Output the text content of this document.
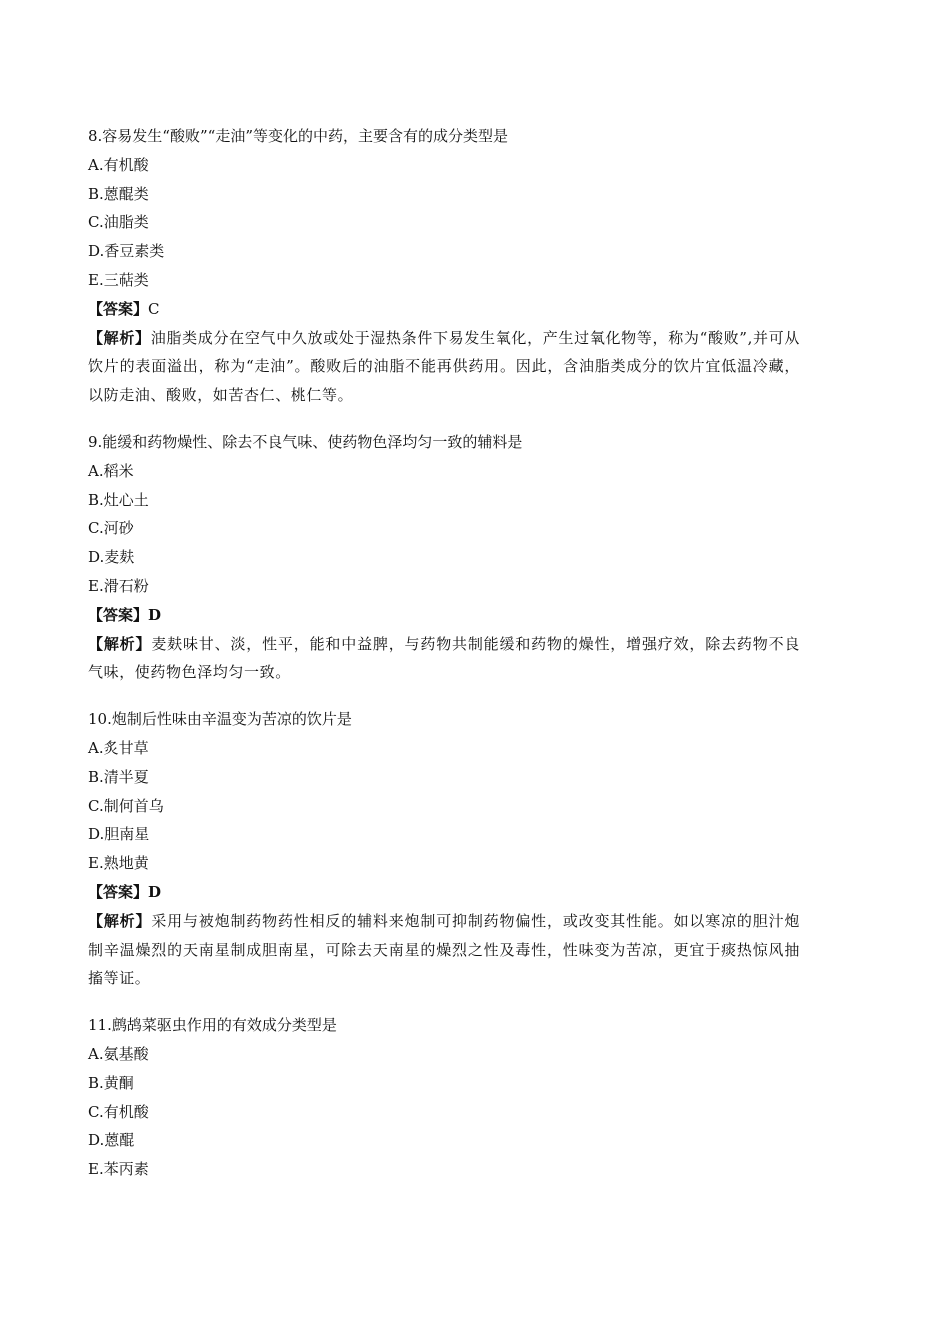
8.容易发生“酸败”“走油”等变化的中药，主要含有的成分类型是
A.有机酸
B.蒽醌类
C.油脂类
D.香豆素类
E.三萜类
【答案】C
【解析】油脂类成分在空气中久放或处于湿热条件下易发生氧化，产生过氧化物等，称为“酸败”,并可从饮片的表面溢出，称为“走油”。酸败后的油脂不能再供药用。因此，含油脂类成分的饮片宜低温冷藏，以防走油、酸败，如苦杏仁、桃仁等。
9.能缓和药物燥性、除去不良气味、使药物色泽均匀一致的辅料是
A.稻米
B.灶心土
C.河砂
D.麦麸
E.滑石粉
【答案】D
【解析】麦麸味甘、淡，性平，能和中益脾，与药物共制能缓和药物的燥性，增强疗效，除去药物不良气味，使药物色泽均匀一致。
10.炮制后性味由辛温变为苦凉的饮片是
A.炙甘草
B.清半夏
C.制何首乌
D.胆南星
E.熟地黄
【答案】D
【解析】采用与被炮制药物药性相反的辅料来炮制可抑制药物偏性，或改变其性能。如以寒凉的胆汁炮制辛温燥烈的天南星制成胆南星，可除去天南星的燥烈之性及毒性，性味变为苦凉，更宜于痰热惊风抽搐等证。
11.鹧鸪菜驱虫作用的有效成分类型是
A.氨基酸
B.黄酮
C.有机酸
D.蒽醌
E.苯丙素
